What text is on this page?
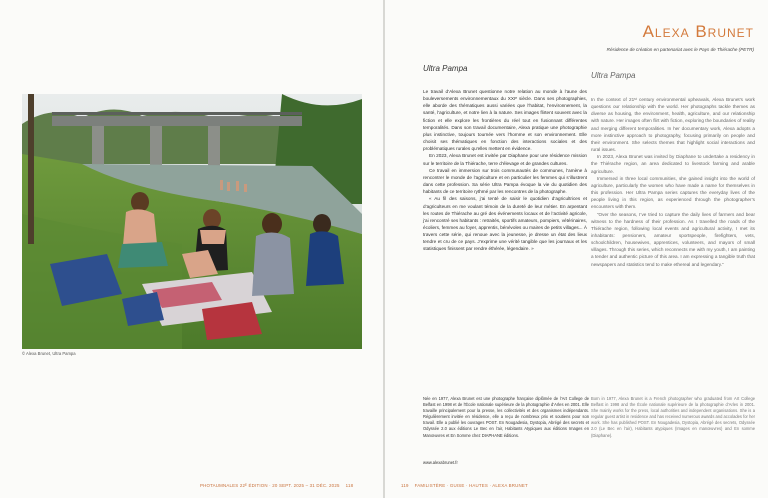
© Alexa Brunet, Ultra Pampa
PHOTAUMNALES 22ᴱ ÉDITION · 20 SEPT. 2025 – 31 DÉC. 2025 118
Alexa Brunet
Résidence de création en partenariat avec le Pays de Thiérache (PETR)
Ultra Pampa
Ultra Pampa

Le travail d’Alexa Brunet questionne notre relation au monde à l’aune des bouleversements environnementaux du XXIᵉ siècle. Dans ses photographies, elle aborde des thématiques aussi variées que l’habitat, l’environnement, la santé, l’agriculture, et notre lien à la nature. Ses images flirtent souvent avec la fiction et elle explore les frontières du réel tout en fusionnant différentes temporalités. Dans son travail documentaire, Alexa pratique une photographie plus instinctive, toujours tournée vers l’homme et son environnement. Elle choisit ses thématiques en fonction des interactions sociales et des problématiques rurales qu’elles mettent en évidence.

En 2023, Alexa Brunet est invitée par Diaphane pour une résidence mission sur le territoire de la Thiérache, terre d’élevage et de grandes cultures.

Ce travail en immersion sur trois communautés de communes, l’amène à rencontrer le monde de l’agriculture et en particulier les femmes qui s’illustrent dans cette profession. Sa série Ultra Pampa évoque la vie du quotidien des habitants de ce territoire rythmé par les rencontres de la photographe.

« Au fil des saisons, j’ai tenté de saisir le quotidien d’agricultrices et d’agriculteurs en me voulant témoin de la dureté de leur métier. En arpentant les routes de Thiérache au gré des événements locaux et de l’activité agricole, j’ai rencontré ses habitants : retraités, sportifs amateurs, pompiers, vétérinaires, écoliers, femmes au foyer, apprentis, bénévoles ou maires de petits villages... À travers cette série, qui renoue avec la jeunesse, je dresse un état des lieux tendre et cru de ce pays. J’exprime une vérité tangible que les journaux et les statistiques finissent par rendre éthérée, légendaire. »

In the context of 21ˢᵗ century environmental upheavals, Alexa Brunet’s work questions our relationship with the world. Her photographs tackle themes as diverse as housing, the environment, health, agriculture, and our relationship with nature. Her images often flirt with fiction, exploring the boundaries of reality and merging different temporalities. In her documentary work, Alexa adopts a more instinctive approach to photography, focusing primarily on people and their environment. She selects themes that highlight social interactions and rural issues.

In 2023, Alexa Brunet was invited by Diaphane to undertake a residency in the Thiérache region, an area dedicated to livestock farming and arable agriculture.

Immersed in three local communities, she gained insight into the world of agriculture, particularly the women who have made a name for themselves in this profession. Her Ultra Pampa series captures the everyday lives of the people living in this region, as experienced through the photographer’s encounters with them.

“Over the seasons, I’ve tried to capture the daily lives of farmers and bear witness to the hardness of their profession. As I travelled the roads of the Thiérache region, following local events and agricultural activity, I met its inhabitants: pensioners, amateur sportspeople, firefighters, vets, schoolchildren, housewives, apprentices, volunteers, and mayors of small villages. Through this series, which reconnects me with my youth, I am painting a tender and authentic picture of this area. I am expressing a tangible truth that newspapers and statistics tend to make ethereal and legendary.”

Née en 1977, Alexa Brunet est une photographe française diplômée de l’Art College de Belfast en 1998 et de l’École nationale supérieure de la photographie d’Arles en 2001. Elle travaille principalement pour la presse, les collectivités et des organismes indépendants. Régulièrement invitée en résidence, elle a reçu de nombreux prix et soutiens pour son travail. Elle a publié les ouvrages POST. En Nougadesia, Dystopia, Abrégé des secrets et Odyssée 2.0 aux éditions Le Bec en l’air, Habitants Atypiques aux éditions Images en Manœuvres et En Somme chez DIAPHANE éditions.
Born in 1977, Alexa Brunet is a French photographer who graduated from Art College Belfast in 1998 and the École nationale supérieure de la photographie d’Arles in 2001. She mainly works for the press, local authorities and independent organisations. She is a regular guest artist in residence and has received numerous awards and accolades for her work. She has published POST. En Nougadesia, Dystopia, Abrégé des secrets, Odyssée 2.0 (Le Bec en l’air), Habitants atypiques (Images en manœuvres) and En somme (Diaphane).
www.alexabrunet.fr
119 FAMILISTÈRE · GUISE · HAUTES · ALEXA BRUNET
